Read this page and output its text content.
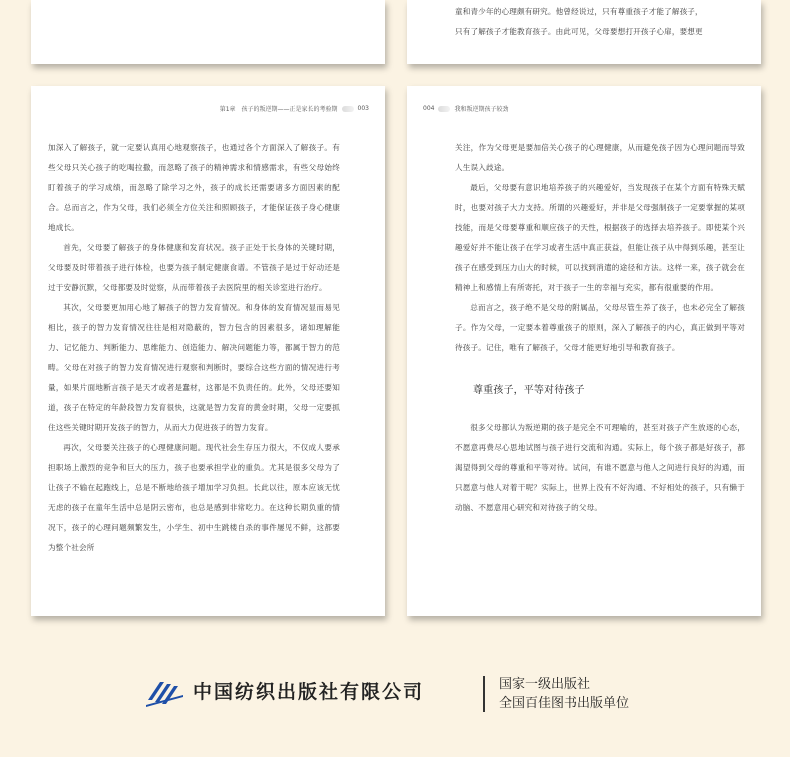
童和青少年的心理颇有研究。他曾经说过，只有尊重孩子才能了解孩子，
只有了解孩子才能教育孩子。由此可见，父母要想打开孩子心扉，要想更
第1章　孩子的叛逆期——正是家长的考验期	003

加深入了解孩子，就一定要认真用心地观察孩子，也通过各个方面深入了解孩子。有些父母只关心孩子的吃喝拉撒，而忽略了孩子的精神需求和情感需求，有些父母始终盯着孩子的学习成绩，而忽略了除学习之外，孩子的成长还需要诸多方面因素的配合。总而言之，作为父母，我们必须全方位关注和照顾孩子，才能保证孩子身心健康地成长。

首先，父母要了解孩子的身体健康和发育状况。孩子正处于长身体的关键时期，父母要及时带着孩子进行体检，也要为孩子制定健康食谱。不管孩子是过于好动还是过于安静沉默，父母都要及时觉察，从而带着孩子去医院里的相关诊室进行治疗。

其次，父母要更加用心地了解孩子的智力发育情况。和身体的发育情况显而易见相比，孩子的智力发育情况往往是相对隐蔽的，智力包含的因素很多，诸如理解能力、记忆能力、判断能力、思维能力、创造能力、解决问题能力等，都属于智力的范畴。父母在对孩子的智力发育情况进行观察和判断时，要综合这些方面的情况进行考量，如果片面地断言孩子是天才或者是蠢材，这都是不负责任的。此外，父母还要知道，孩子在特定的年龄段智力发育很快，这就是智力发育的黄金时期，父母一定要抓住这些关键时期开发孩子的智力，从而大力促进孩子的智力发育。

再次，父母要关注孩子的心理健康问题。现代社会生存压力很大，不仅成人要承担职场上激烈的竞争和巨大的压力，孩子也要承担学业的重负。尤其是很多父母为了让孩子不输在起跑线上，总是不断地给孩子增加学习负担。长此以往，原本应该无忧无虑的孩子在童年生活中总是阴云密布，也总是感到非常吃力。在这种长期负重的情况下，孩子的心理问题频繁发生，小学生、初中生跳楼自杀的事件屡见不鲜，这都要为整个社会所

004	我和叛逆期孩子较劲

关注，作为父母更是要加倍关心孩子的心理健康，从而避免孩子因为心理问题而导致人生误入歧途。

最后，父母要有意识地培养孩子的兴趣爱好，当发现孩子在某个方面有特殊天赋时，也要对孩子大力支持。所谓的兴趣爱好，并非是父母强制孩子一定要掌握的某项技能，而是父母要尊重和顺应孩子的天性，根据孩子的选择去培养孩子。即使某个兴趣爱好并不能让孩子在学习或者生活中真正获益，但能让孩子从中得到乐趣，甚至让孩子在感受到压力山大的时候，可以找到消遣的途径和方法。这样一来，孩子就会在精神上和感情上有所寄托，对于孩子一生的幸福与充实，都有很重要的作用。

总而言之，孩子绝不是父母的附属品，父母尽管生养了孩子，也未必完全了解孩子。作为父母，一定要本着尊重孩子的原则，深入了解孩子的内心，真正做到平等对待孩子。记住，唯有了解孩子，父母才能更好地引导和教育孩子。

尊重孩子，平等对待孩子

很多父母都认为叛逆期的孩子是完全不可理喻的，甚至对孩子产生放逐的心态，不愿意再费尽心思地试图与孩子进行交流和沟通。实际上，每个孩子都是好孩子，都渴望得到父母的尊重和平等对待。试问，有谁不愿意与他人之间进行良好的沟通，而只愿意与他人对着干呢？实际上，世界上没有不好沟通、不好相处的孩子，只有懒于动脑、不愿意用心研究和对待孩子的父母。

中国纺织出版社有限公司	国家一级出版社
全国百佳图书出版单位
